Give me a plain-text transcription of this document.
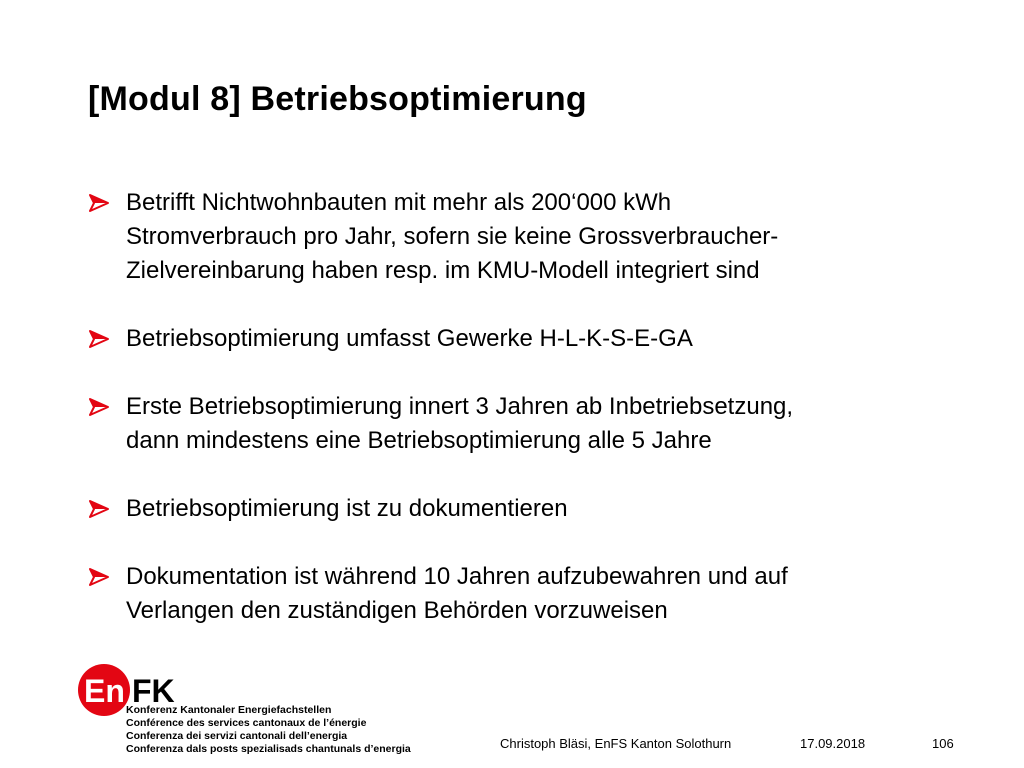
[Modul 8] Betriebsoptimierung
Betrifft Nichtwohnbauten mit mehr als 200‘000 kWh
Stromverbrauch pro Jahr, sofern sie keine Grossverbraucher-
Zielvereinbarung haben resp. im KMU-Modell integriert sind
Betriebsoptimierung umfasst Gewerke H-L-K-S-E-GA
Erste Betriebsoptimierung innert 3 Jahren ab Inbetriebsetzung,
dann mindestens eine Betriebsoptimierung alle 5 Jahre
Betriebsoptimierung ist zu dokumentieren
Dokumentation ist während 10 Jahren aufzubewahren und auf
Verlangen den zuständigen Behörden vorzuweisen
En FK
Konferenz Kantonaler Energiefachstellen
Conférence des services cantonaux de l’énergie
Conferenza dei servizi cantonali dell’energia
Conferenza dals posts spezialisads chantunals d’energia	Christoph Bläsi, EnFS Kanton Solothurn	17.09.2018	106
